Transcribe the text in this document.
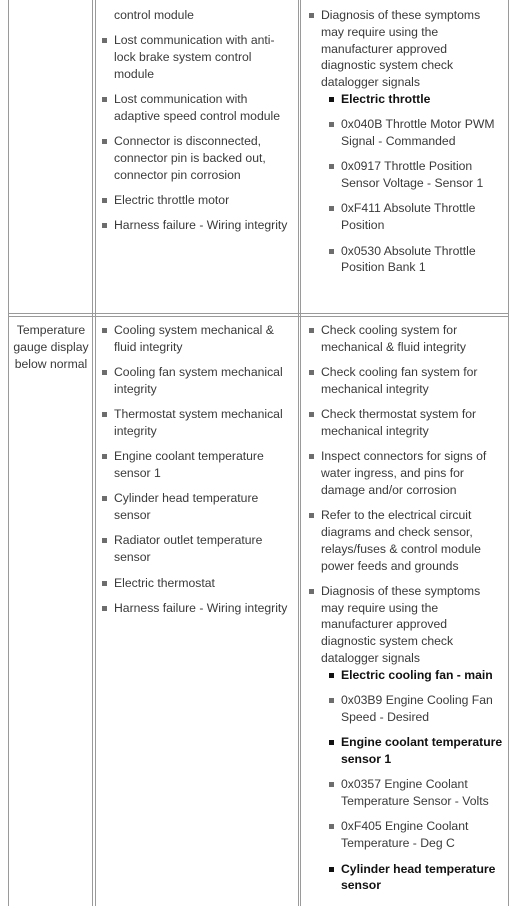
control module
Lost communication with anti-lock brake system control module
Lost communication with adaptive speed control module
Connector is disconnected, connector pin is backed out, connector pin corrosion
Electric throttle motor
Harness failure - Wiring integrity
Diagnosis of these symptoms may require using the manufacturer approved diagnostic system check datalogger signals
Electric throttle
0x040B Throttle Motor PWM Signal - Commanded
0x0917 Throttle Position Sensor Voltage - Sensor 1
0xF411 Absolute Throttle Position
0x0530 Absolute Throttle Position Bank 1
Temperature gauge display below normal
Cooling system mechanical & fluid integrity
Cooling fan system mechanical integrity
Thermostat system mechanical integrity
Engine coolant temperature sensor 1
Cylinder head temperature sensor
Radiator outlet temperature sensor
Electric thermostat
Harness failure - Wiring integrity
Check cooling system for mechanical & fluid integrity
Check cooling fan system for mechanical integrity
Check thermostat system for mechanical integrity
Inspect connectors for signs of water ingress, and pins for damage and/or corrosion
Refer to the electrical circuit diagrams and check sensor, relays/fuses & control module power feeds and grounds
Diagnosis of these symptoms may require using the manufacturer approved diagnostic system check datalogger signals
Electric cooling fan - main
0x03B9 Engine Cooling Fan Speed - Desired
Engine coolant temperature sensor 1
0x0357 Engine Coolant Temperature Sensor - Volts
0xF405 Engine Coolant Temperature - Deg C
Cylinder head temperature sensor
